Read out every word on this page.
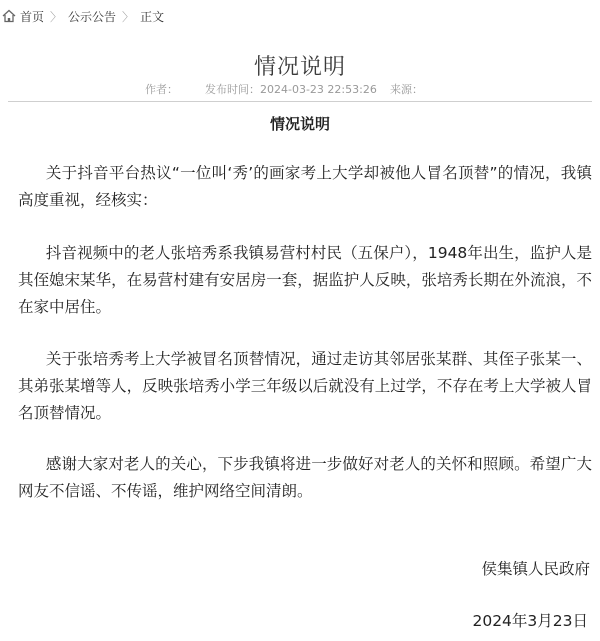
首页 〉 公示公告 〉 正文
情况说明
作者： 发布时间：2024-03-23 22:53:26 来源：
情况说明

关于抖音平台热议“一位叫‘秀’的画家考上大学却被他人冒名顶替”的情况，我镇高度重视，经核实：

抖音视频中的老人张培秀系我镇易营村村民（五保户），1948年出生，监护人是其侄媳宋某华，在易营村建有安居房一套，据监护人反映，张培秀长期在外流浪，不在家中居住。

关于张培秀考上大学被冒名顶替情况，通过走访其邻居张某群、其侄子张某一、其弟张某增等人，反映张培秀小学三年级以后就没有上过学，不存在考上大学被人冒名顶替情况。

感谢大家对老人的关心，下步我镇将进一步做好对老人的关怀和照顾。希望广大网友不信谣、不传谣，维护网络空间清朗。

侯集镇人民政府
2024年3月23日
